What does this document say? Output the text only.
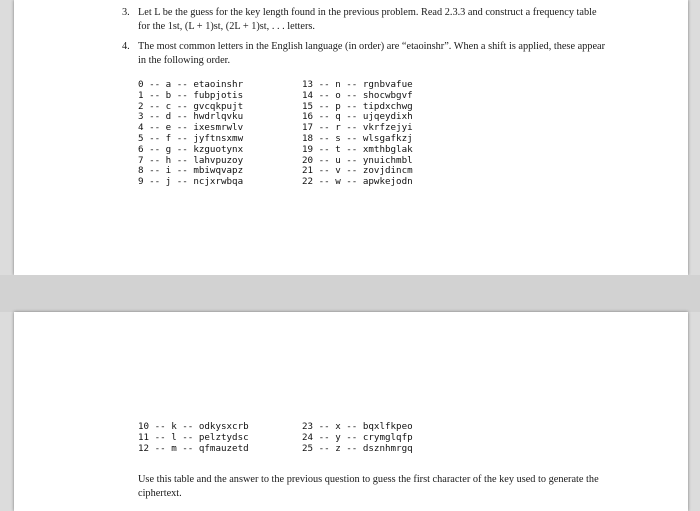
3. Let L be the guess for the key length found in the previous problem. Read 2.3.3 and construct a frequency table for the 1st, (L + 1)st, (2L + 1)st, . . . letters.

4. The most common letters in the English language (in order) are “etaoinshr”. When a shift is applied, these appear in the following order.

0 -- a -- etaoinshr
1 -- b -- fubpjotis
2 -- c -- gvcqkpujt
3 -- d -- hwdrlqvku
4 -- e -- ixesmrwlv
5 -- f -- jyftnsxmw
6 -- g -- kzguotynx
7 -- h -- lahvpuzoy
8 -- i -- mbiwqvapz
9 -- j -- ncjxrwbqa
13 -- n -- rgnbvafue
14 -- o -- shocwbgvf
15 -- p -- tipdxchwg
16 -- q -- ujqeydixh
17 -- r -- vkrfzejyi
18 -- s -- wlsgafkzj
19 -- t -- xmthbglak
20 -- u -- ynuichmbl
21 -- v -- zovjdincm
22 -- w -- apwkejodn
10 -- k -- odkysxcrb
11 -- l -- pelztydsc
12 -- m -- qfmauzetd
23 -- x -- bqxlfkpeo
24 -- y -- crymglqfp
25 -- z -- dsznhmrgq

Use this table and the answer to the previous question to guess the first character of the key used to generate the ciphertext.
